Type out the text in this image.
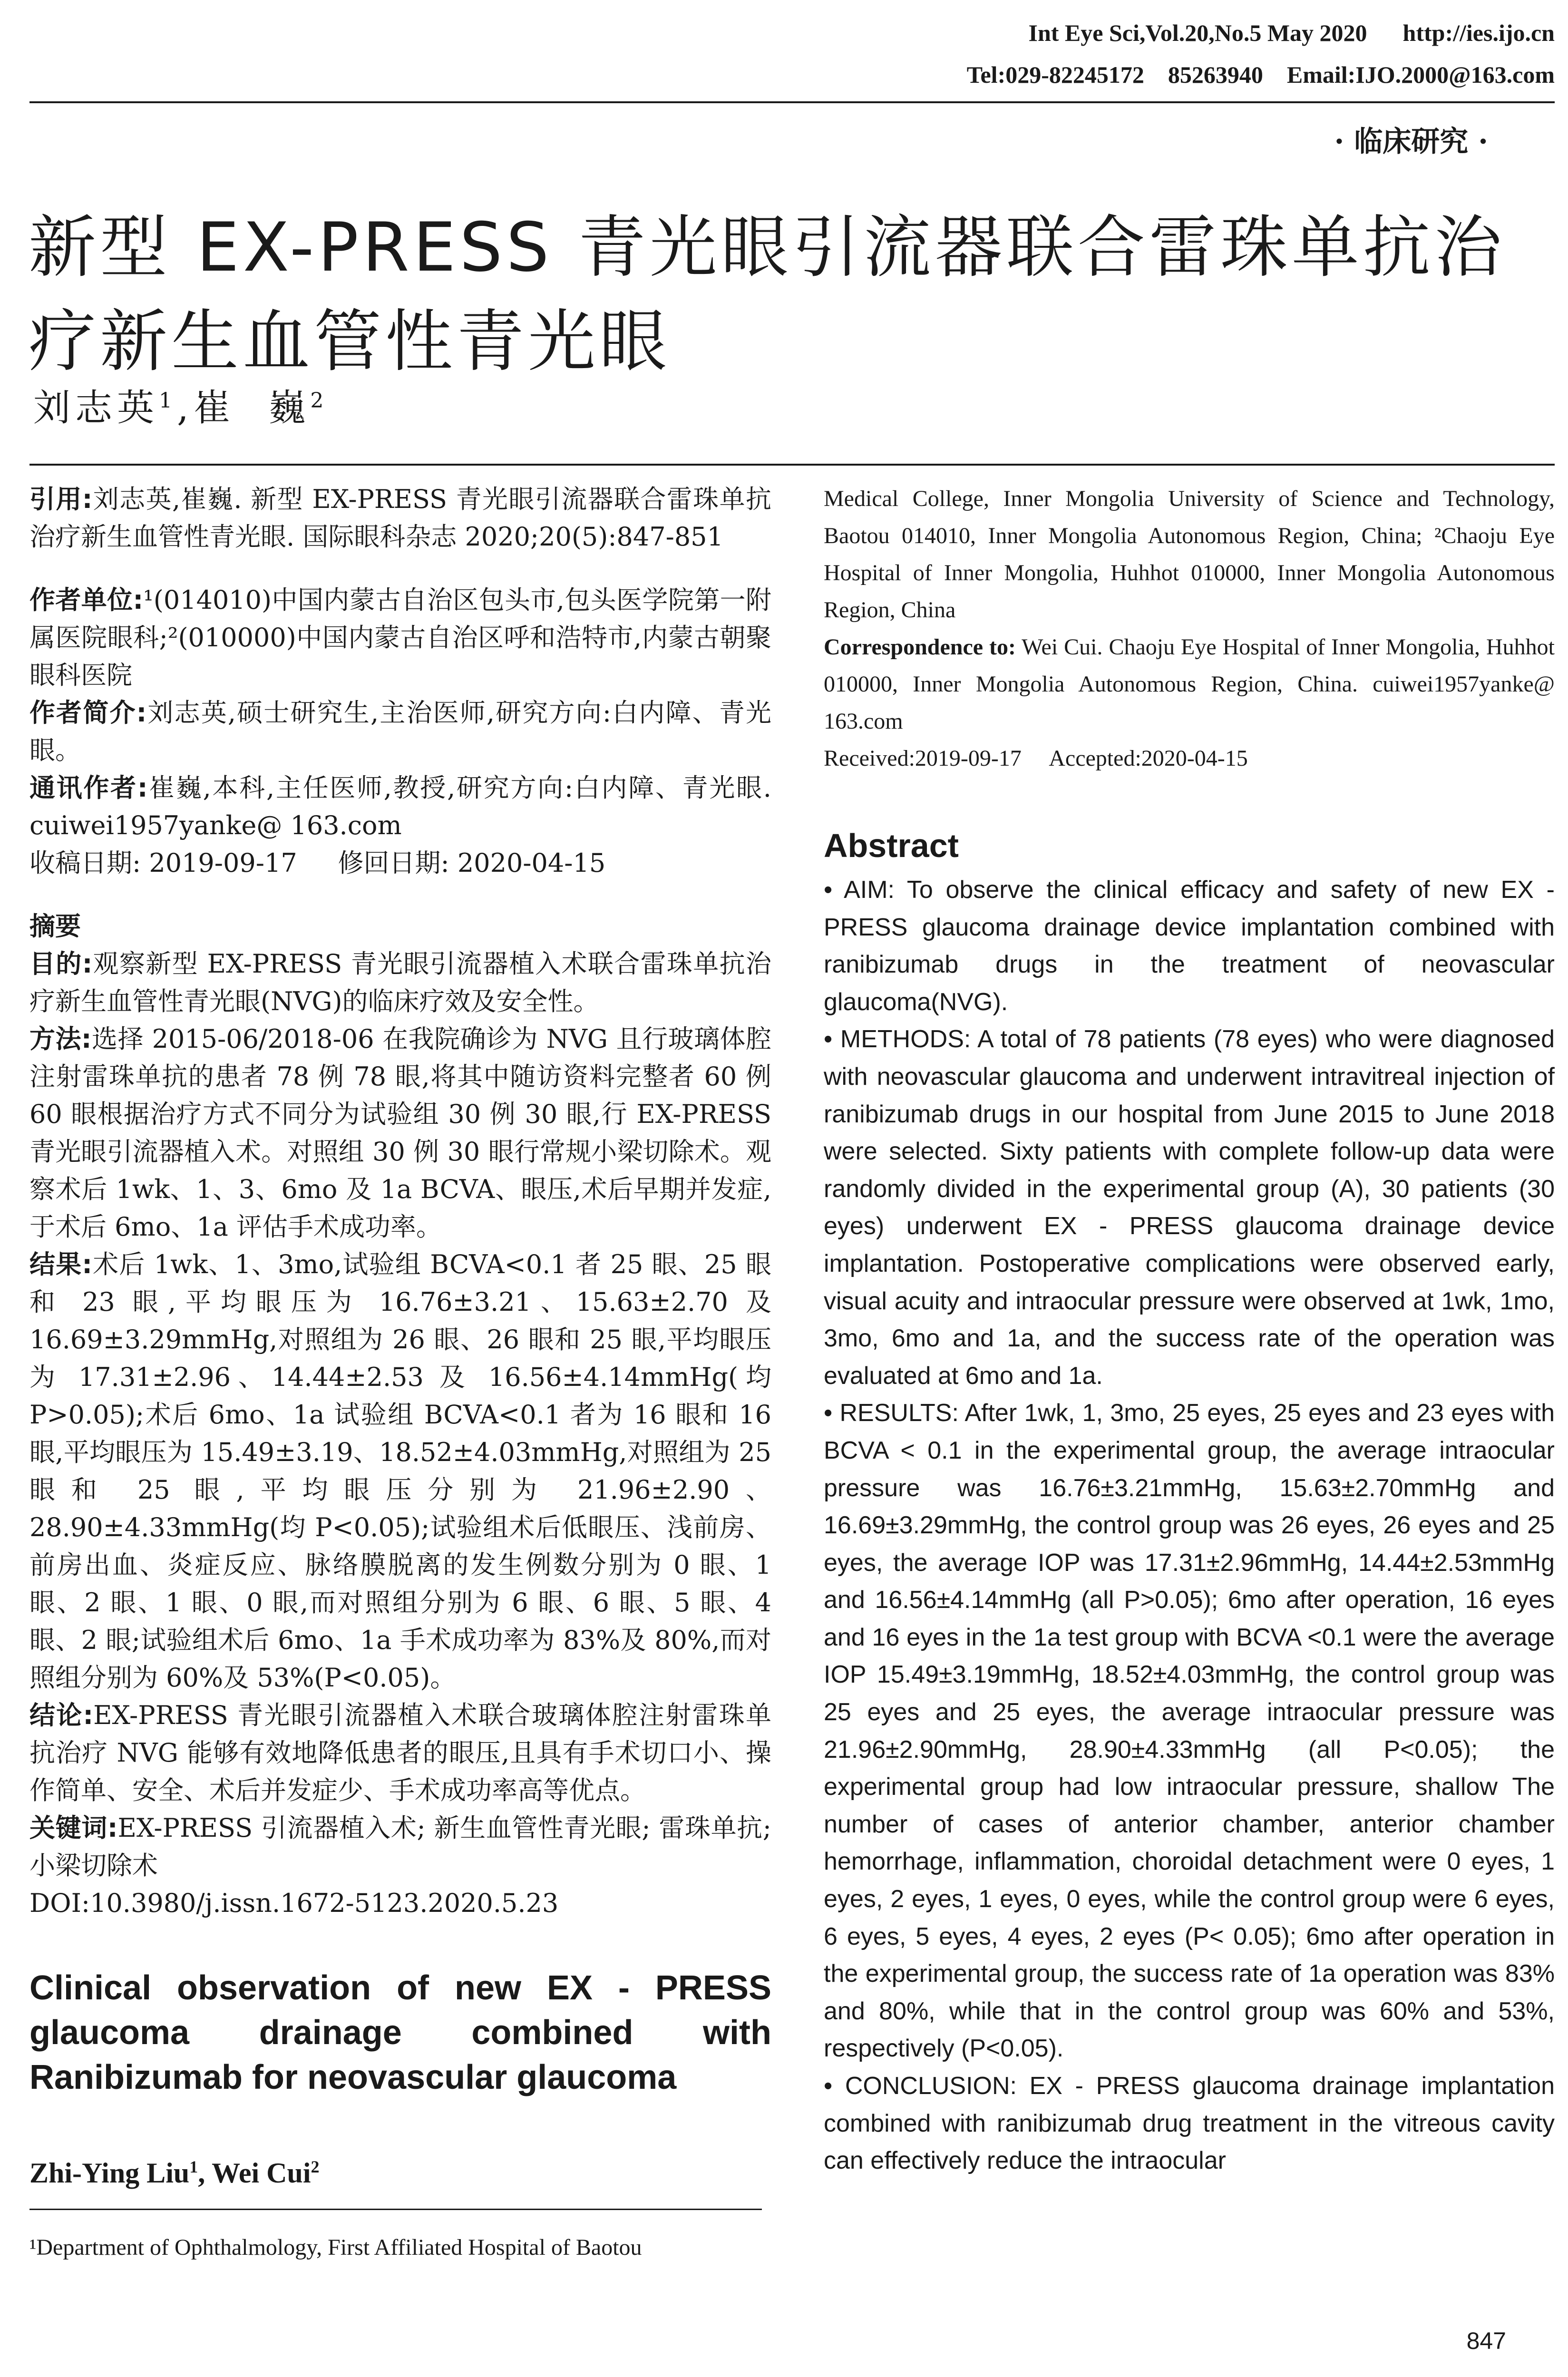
Int Eye Sci,Vol.20,No.5 May 2020      http://ies.ijo.cn
Tel:029-82245172    85263940    Email:IJO.2000@163.com
· 临床研究 ·
新型 EX-PRESS 青光眼引流器联合雷珠单抗治疗新生血管性青光眼
刘志英$^1$,崔  巍$^2$
引用:刘志英,崔巍. 新型 EX-PRESS 青光眼引流器联合雷珠单抗治疗新生血管性青光眼. 国际眼科杂志 2020;20(5):847-851
作者单位:¹(014010)中国内蒙古自治区包头市,包头医学院第一附属医院眼科;²(010000)中国内蒙古自治区呼和浩特市,内蒙古朝聚眼科医院
作者简介:刘志英,硕士研究生,主治医师,研究方向:白内障、青光眼。
通讯作者:崔巍,本科,主任医师,教授,研究方向:白内障、青光眼. cuiwei1957yanke@ 163.com
收稿日期: 2019-09-17     修回日期: 2020-04-15
摘要
目的:观察新型 EX-PRESS 青光眼引流器植入术联合雷珠单抗治疗新生血管性青光眼(NVG)的临床疗效及安全性。
方法:选择 2015-06/2018-06 在我院确诊为 NVG 且行玻璃体腔注射雷珠单抗的患者 78 例 78 眼,将其中随访资料完整者 60 例 60 眼根据治疗方式不同分为试验组 30 例 30 眼,行 EX-PRESS 青光眼引流器植入术。对照组 30 例 30 眼行常规小梁切除术。观察术后 1wk、1、3、6mo 及 1a BCVA、眼压,术后早期并发症,于术后 6mo、1a 评估手术成功率。
结果:术后 1wk、1、3mo,试验组 BCVA<0.1 者 25 眼、25 眼和 23 眼,平均眼压为 16.76±3.21、15.63±2.70 及 16.69±3.29mmHg,对照组为 26 眼、26 眼和 25 眼,平均眼压为 17.31±2.96、14.44±2.53 及 16.56±4.14mmHg(均 P>0.05);术后 6mo、1a 试验组 BCVA<0.1 者为 16 眼和 16 眼,平均眼压为 15.49±3.19、18.52±4.03mmHg,对照组为 25 眼和 25 眼,平均眼压分别为 21.96±2.90、28.90±4.33mmHg(均 P<0.05);试验组术后低眼压、浅前房、前房出血、炎症反应、脉络膜脱离的发生例数分别为 0 眼、1 眼、2 眼、1 眼、0 眼,而对照组分别为 6 眼、6 眼、5 眼、4 眼、2 眼;试验组术后 6mo、1a 手术成功率为 83%及 80%,而对照组分别为 60%及 53%(P<0.05)。
结论:EX-PRESS 青光眼引流器植入术联合玻璃体腔注射雷珠单抗治疗 NVG 能够有效地降低患者的眼压,且具有手术切口小、操作简单、安全、术后并发症少、手术成功率高等优点。
关键词:EX-PRESS 引流器植入术; 新生血管性青光眼; 雷珠单抗;小梁切除术
DOI:10.3980/j.issn.1672-5123.2020.5.23
Clinical observation of new EX - PRESS glaucoma drainage combined with Ranibizumab for neovascular glaucoma
Zhi-Ying Liu$^1$, Wei Cui$^2$
¹Department of Ophthalmology, First Affiliated Hospital of Baotou
Medical College, Inner Mongolia University of Science and Technology, Baotou 014010, Inner Mongolia Autonomous Region, China; ²Chaoju Eye Hospital of Inner Mongolia, Huhhot 010000, Inner Mongolia Autonomous Region, China
Correspondence to: Wei Cui. Chaoju Eye Hospital of Inner Mongolia, Huhhot 010000, Inner Mongolia Autonomous Region, China. cuiwei1957yanke@ 163.com
Received:2019-09-17     Accepted:2020-04-15
Abstract
• AIM: To observe the clinical efficacy and safety of new EX - PRESS glaucoma drainage device implantation combined with ranibizumab drugs in the treatment of neovascular glaucoma(NVG).
• METHODS: A total of 78 patients (78 eyes) who were diagnosed with neovascular glaucoma and underwent intravitreal injection of ranibizumab drugs in our hospital from June 2015 to June 2018 were selected. Sixty patients with complete follow-up data were randomly divided in the experimental group (A), 30 patients (30 eyes) underwent EX - PRESS glaucoma drainage device implantation. Postoperative complications were observed early, visual acuity and intraocular pressure were observed at 1wk, 1mo, 3mo, 6mo and 1a, and the success rate of the operation was evaluated at 6mo and 1a.
• RESULTS: After 1wk, 1, 3mo, 25 eyes, 25 eyes and 23 eyes with BCVA < 0.1 in the experimental group, the average intraocular pressure was 16.76±3.21mmHg, 15.63±2.70mmHg and 16.69±3.29mmHg, the control group was 26 eyes, 26 eyes and 25 eyes, the average IOP was 17.31±2.96mmHg, 14.44±2.53mmHg and 16.56±4.14mmHg (all P>0.05); 6mo after operation, 16 eyes and 16 eyes in the 1a test group with BCVA <0.1 were the average IOP 15.49±3.19mmHg, 18.52±4.03mmHg, the control group was 25 eyes and 25 eyes, the average intraocular pressure was 21.96±2.90mmHg, 28.90±4.33mmHg (all P<0.05); the experimental group had low intraocular pressure, shallow The number of cases of anterior chamber, anterior chamber hemorrhage, inflammation, choroidal detachment were 0 eyes, 1 eyes, 2 eyes, 1 eyes, 0 eyes, while the control group were 6 eyes, 6 eyes, 5 eyes, 4 eyes, 2 eyes (P< 0.05); 6mo after operation in the experimental group, the success rate of 1a operation was 83% and 80%, while that in the control group was 60% and 53%, respectively (P<0.05).
• CONCLUSION: EX - PRESS glaucoma drainage implantation combined with ranibizumab drug treatment in the vitreous cavity can effectively reduce the intraocular
847
